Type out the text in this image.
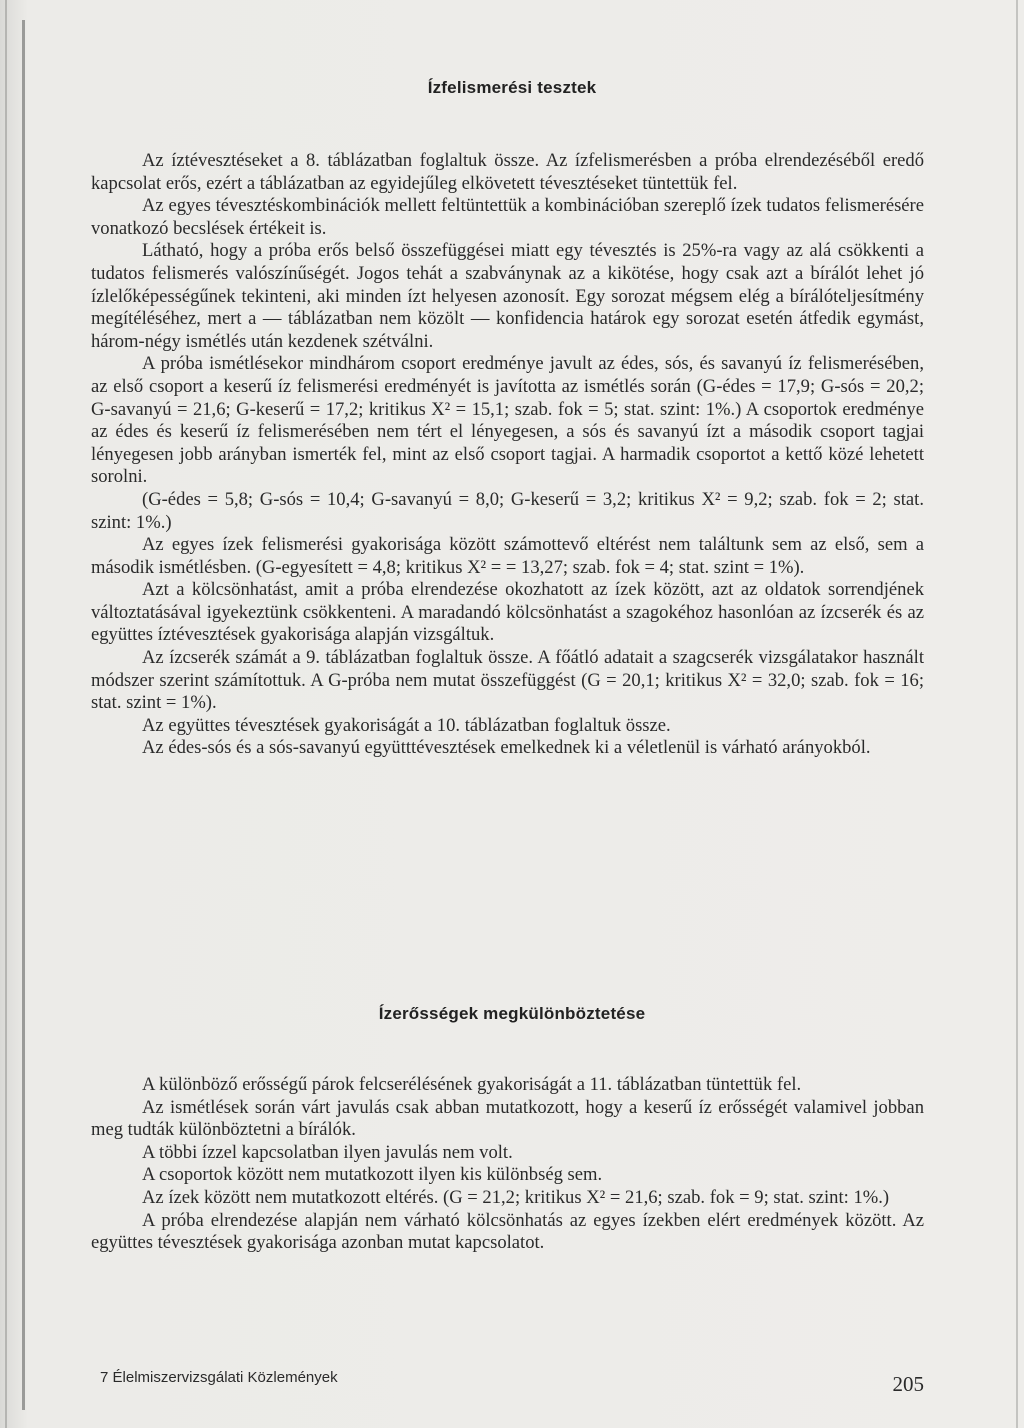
Ízfelismerési tesztek

Az íztévesztéseket a 8. táblázatban foglaltuk össze. Az ízfelismerésben a próba elrendezéséből eredő kapcsolat erős, ezért a táblázatban az egyidejűleg elkövetett tévesztéseket tüntettük fel.

Az egyes tévesztéskombinációk mellett feltüntettük a kombinációban szereplő ízek tudatos felismerésére vonatkozó becslések értékeit is.

Látható, hogy a próba erős belső összefüggései miatt egy tévesztés is 25%-ra vagy az alá csökkenti a tudatos felismerés valószínűségét. Jogos tehát a szabványnak az a kikötése, hogy csak azt a bírálót lehet jó ízlelőképességűnek tekinteni, aki minden ízt helyesen azonosít. Egy sorozat mégsem elég a bírálóteljesítmény megítéléséhez, mert a — táblázatban nem közölt — konfidencia határok egy sorozat esetén átfedik egymást, három-négy ismétlés után kezdenek szétválni.

A próba ismétlésekor mindhárom csoport eredménye javult az édes, sós, és savanyú íz felismerésében, az első csoport a keserű íz felismerési eredményét is javította az ismétlés során (G-édes = 17,9; G-sós = 20,2; G-savanyú = 21,6; G-keserű = 17,2; kritikus X² = 15,1; szab. fok = 5; stat. szint: 1%.) A csoportok eredménye az édes és keserű íz felismerésében nem tért el lényegesen, a sós és savanyú ízt a második csoport tagjai lényegesen jobb arányban ismerték fel, mint az első csoport tagjai. A harmadik csoportot a kettő közé lehetett sorolni.

(G-édes = 5,8; G-sós = 10,4; G-savanyú = 8,0; G-keserű = 3,2; kritikus X² = 9,2; szab. fok = 2; stat. szint: 1%.)

Az egyes ízek felismerési gyakorisága között számottevő eltérést nem találtunk sem az első, sem a második ismétlésben. (G-egyesített = 4,8; kritikus X² = = 13,27; szab. fok = 4; stat. szint = 1%).

Azt a kölcsönhatást, amit a próba elrendezése okozhatott az ízek között, azt az oldatok sorrendjének változtatásával igyekeztünk csökkenteni. A maradandó kölcsönhatást a szagokéhoz hasonlóan az ízcserék és az együttes íztévesztések gyakorisága alapján vizsgáltuk.

Az ízcserék számát a 9. táblázatban foglaltuk össze. A főátló adatait a szagcserék vizsgálatakor használt módszer szerint számítottuk. A G-próba nem mutat összefüggést (G = 20,1; kritikus X² = 32,0; szab. fok = 16; stat. szint = 1%).

Az együttes tévesztések gyakoriságát a 10. táblázatban foglaltuk össze.

Az édes-sós és a sós-savanyú együtttévesztések emelkednek ki a véletlenül is várható arányokból.

Ízerősségek megkülönböztetése

A különböző erősségű párok felcserélésének gyakoriságát a 11. táblázatban tüntettük fel.

Az ismétlések során várt javulás csak abban mutatkozott, hogy a keserű íz erősségét valamivel jobban meg tudták különböztetni a bírálók.

A többi ízzel kapcsolatban ilyen javulás nem volt.

A csoportok között nem mutatkozott ilyen kis különbség sem.

Az ízek között nem mutatkozott eltérés. (G = 21,2; kritikus X² = 21,6; szab. fok = 9; stat. szint: 1%.)

A próba elrendezése alapján nem várható kölcsönhatás az egyes ízekben elért eredmények között. Az együttes tévesztések gyakorisága azonban mutat kapcsolatot.

7 Élelmiszervizsgálati Közlemények	205
